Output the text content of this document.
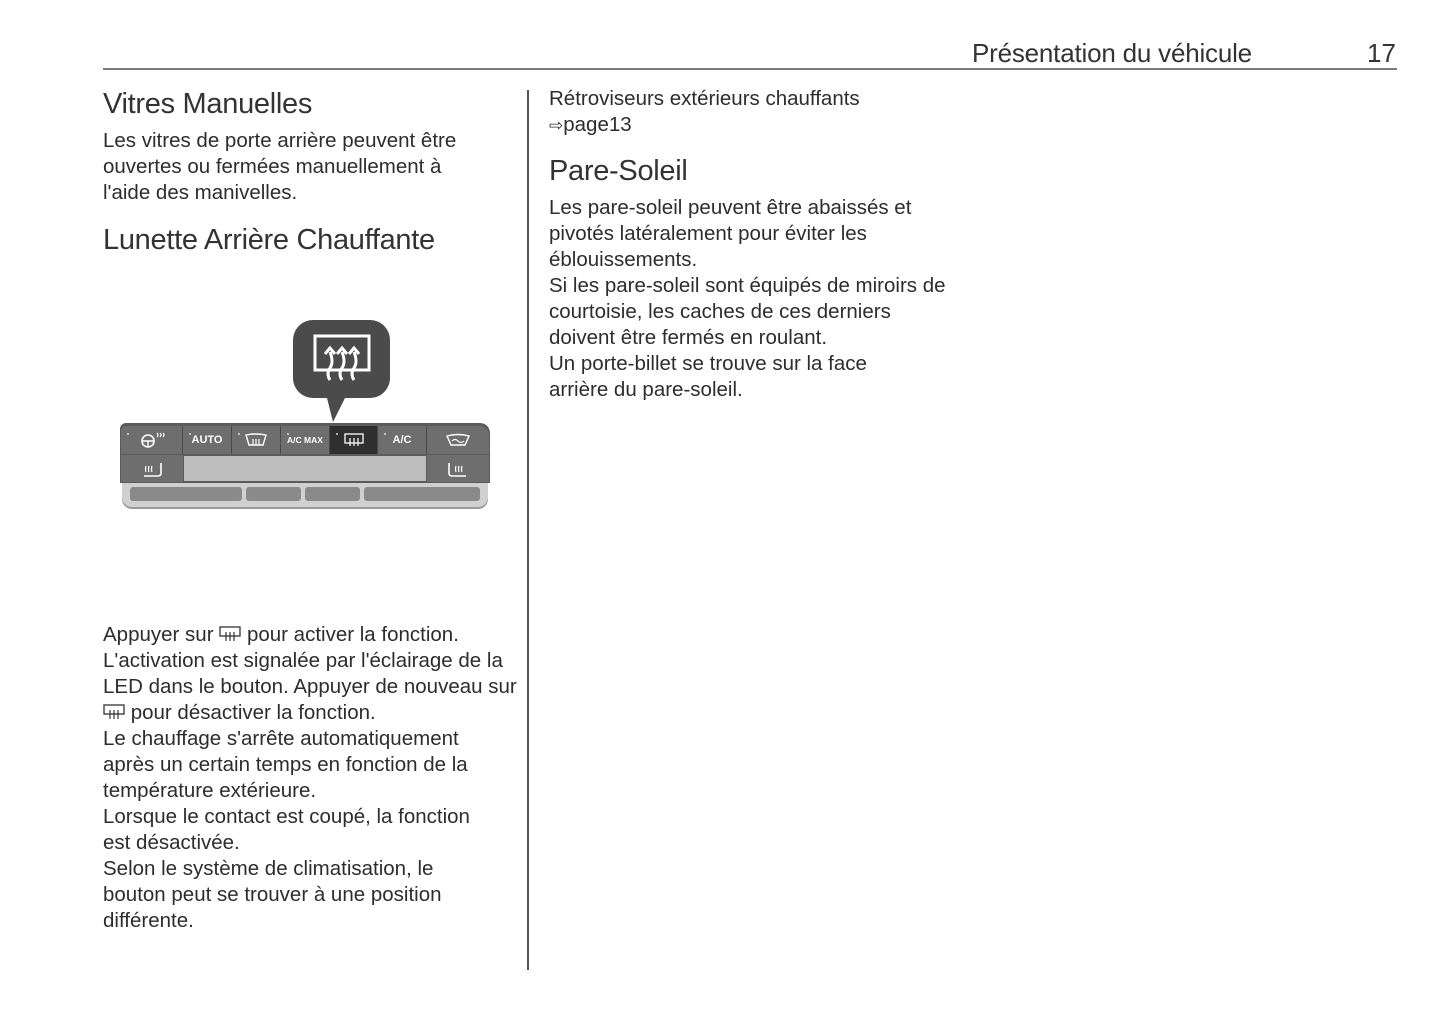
Présentation du véhicule	17
Vitres Manuelles

Les vitres de porte arrière peuvent être ouvertes ou fermées manuellement à l'aide des manivelles.

Lunette Arrière Chauffante
AUTO	A/C MAX	A/C

Appuyer sur pour activer la fonction. L'activation est signalée par l'éclairage de la LED dans le bouton. Appuyer de nouveau sur  pour désactiver la fonction.

Le chauffage s'arrête automatiquement après un certain temps en fonction de la température extérieure.

Lorsque le contact est coupé, la fonction est désactivée.

Selon le système de climatisation, le bouton peut se trouver à une position différente.

Rétroviseurs extérieurs chauffants

⇨page13

Pare-Soleil

Les pare-soleil peuvent être abaissés et pivotés latéralement pour éviter les éblouissements.

Si les pare-soleil sont équipés de miroirs de courtoisie, les caches de ces derniers doivent être fermés en roulant.

Un porte-billet se trouve sur la face arrière du pare-soleil.
